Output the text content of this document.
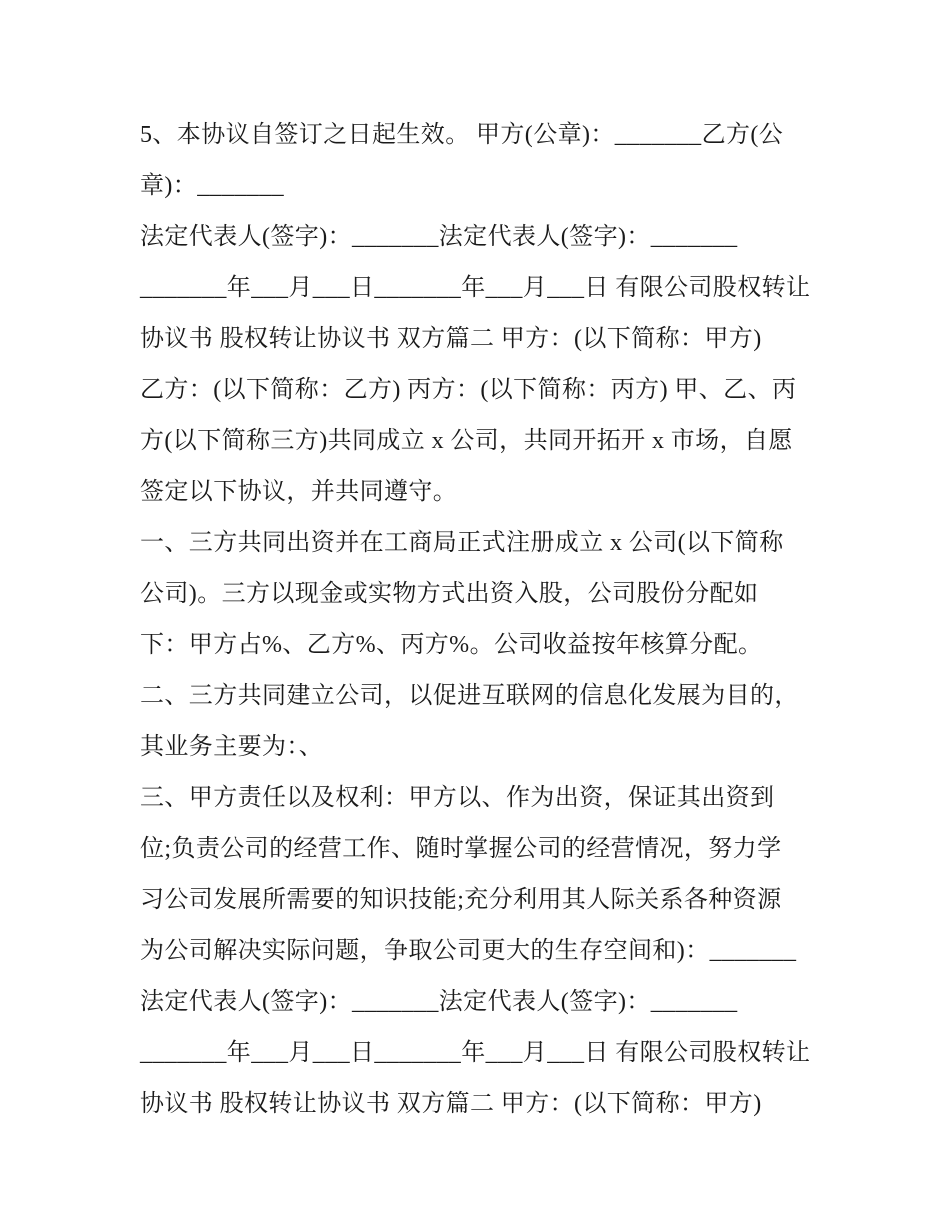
5、本协议自签订之日起生效。 甲方(公章)：_______乙方(公
章)：_______
法定代表人(签字)：_______法定代表人(签字)：_______
_______年___月___日_______年___月___日 有限公司股权转让
协议书 股权转让协议书 双方篇二 甲方：(以下简称：甲方)
乙方：(以下简称：乙方) 丙方：(以下简称：丙方) 甲、乙、丙
方(以下简称三方)共同成立 x 公司，共同开拓开 x 市场，自愿
签定以下协议，并共同遵守。
一、三方共同出资并在工商局正式注册成立 x 公司(以下简称
公司)。三方以现金或实物方式出资入股，公司股份分配如
下：甲方占%、乙方%、丙方%。公司收益按年核算分配。
二、三方共同建立公司，以促进互联网的信息化发展为目的，
其业务主要为：、
三、甲方责任以及权利：甲方以、作为出资，保证其出资到
位;负责公司的经营工作、随时掌握公司的经营情况，努力学
习公司发展所需要的知识技能;充分利用其人际关系各种资源
为公司解决实际问题，争取公司更大的生存空间和)：_______
法定代表人(签字)：_______法定代表人(签字)：_______
_______年___月___日_______年___月___日 有限公司股权转让
协议书 股权转让协议书 双方篇二 甲方：(以下简称：甲方)
